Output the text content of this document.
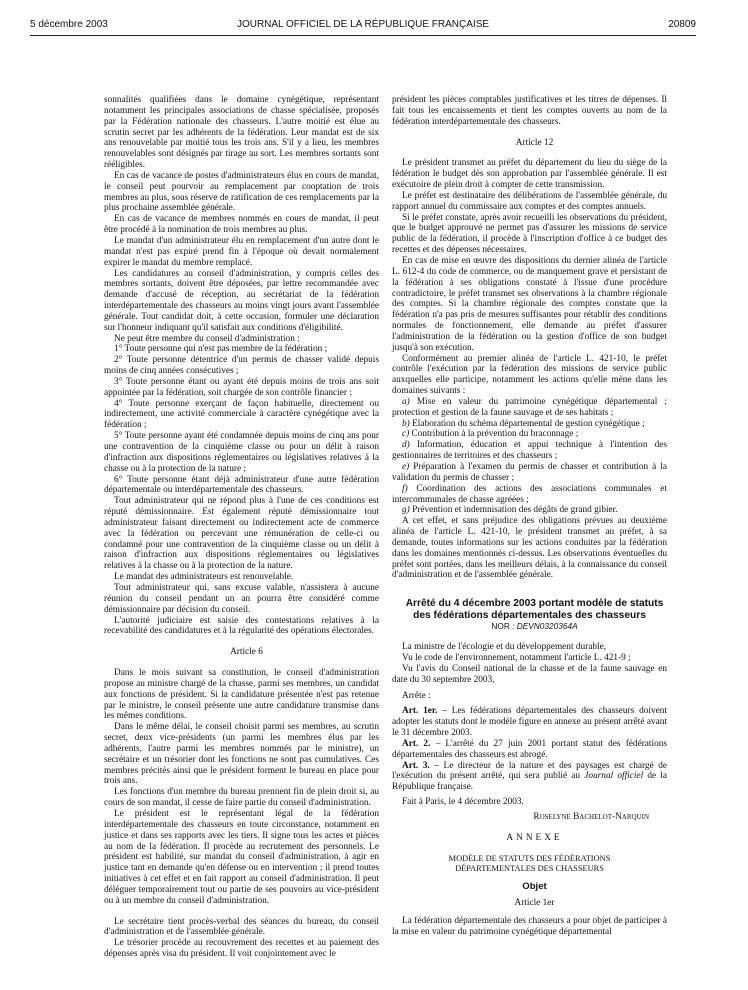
5 décembre 2003	JOURNAL OFFICIEL DE LA RÉPUBLIQUE FRANÇAISE	20809

sonnalités qualifiées dans le domaine cynégétique, représentant notamment les principales associations de chasse spécialisée, proposés par la Fédération nationale des chasseurs. L'autre moitié est élue au scrutin secret par les adhérents de la fédération. Leur mandat est de six ans renouvelable par moitié tous les trois ans. S'il y a lieu, les membres renouvelables sont désignés par tirage au sort. Les membres sortants sont rééligibles.

En cas de vacance de postes d'administrateurs élus en cours de mandat, le conseil peut pourvoir au remplacement par cooptation de trois membres au plus, sous réserve de ratification de ces remplacements par la plus prochaine assemblée générale.

En cas de vacance de membres nommés en cours de mandat, il peut être procédé à la nomination de trois membres au plus.

Le mandat d'un administrateur élu en remplacement d'un autre dont le mandat n'est pas expiré prend fin à l'époque où devait normalement expirer le mandat du membre remplacé.

Les candidatures au conseil d'administration, y compris celles des membres sortants, doivent être déposées, par lettre recommandée avec demande d'accusé de réception, au secrétariat de la fédération interdépartementale des chasseurs au moins vingt jours avant l'assemblée générale. Tout candidat doit, à cette occasion, formuler une déclaration sur l'honneur indiquant qu'il satisfait aux conditions d'éligibilité.

Ne peut être membre du conseil d'administration :

1° Toute personne qui n'est pas membre de la fédération ;

2° Toute personne détentrice d'un permis de chasser validé depuis moins de cinq années consécutives ;

3° Toute personne étant ou ayant été depuis moins de trois ans soit appointée par la fédération, soit chargée de son contrôle financier ;

4° Toute personne exerçant de façon habituelle, directement ou indirectement, une activité commerciale à caractère cynégétique avec la fédération ;

5° Toute personne ayant été condamnée depuis moins de cinq ans pour une contravention de la cinquième classe ou pour un délit à raison d'infraction aux dispositions réglementaires ou législatives relatives à la chasse ou à la protection de la nature ;

6° Toute personne étant déjà administrateur d'une autre fédération départementale ou interdépartementale des chasseurs.

Tout administrateur qui ne répond plus à l'une de ces conditions est réputé démissionnaire. Est également réputé démissionnaire tout administrateur faisant directement ou indirectement acte de commerce avec la fédération ou percevant une rémunération de celle-ci ou condamné pour une contravention de la cinquième classe ou un délit à raison d'infraction aux dispositions réglementaires ou législatives relatives à la chasse ou à la protection de la nature.

Le mandat des administrateurs est renouvelable.

Tout administrateur qui, sans excuse valable, n'assistera à aucune réunion du conseil pendant un an pourra être considéré comme démissionnaire par décision du conseil.

L'autorité judiciaire est saisie des contestations relatives à la recevabilité des candidatures et à la régularité des opérations électorales.

Article 6

Dans le mois suivant sa constitution, le conseil d'administration propose au ministre chargé de la chasse, parmi ses membres, un candidat aux fonctions de président. Si la candidature présentée n'est pas retenue par le ministre, le conseil présente une autre candidature transmise dans les mêmes conditions.

Dans le même délai, le conseil choisit parmi ses membres, au scrutin secret, deux vice-présidents (un parmi les membres élus par les adhérents, l'autre parmi les membres nommés par le ministre), un secrétaire et un trésorier dont les fonctions ne sont pas cumulatives. Ces membres précités ainsi que le président forment le bureau en place pour trois ans.

Les fonctions d'un membre du bureau prennent fin de plein droit si, au cours de son mandat, il cesse de faire partie du conseil d'administration.

Le président est le représentant légal de la fédération interdépartementale des chasseurs en toute circonstance, notamment en justice et dans ses rapports avec les tiers. Il signe tous les actes et pièces au nom de la fédération. Il procède au recrutement des personnels. Le président est habilité, sur mandat du conseil d'administration, à agir en justice tant en demande qu'en défense ou en intervention ; il prend toutes initiatives à cet effet et en fait rapport au conseil d'administration. Il peut déléguer temporairement tout ou partie de ses pouvoirs au vice-président ou à un membre du conseil d'administration.

Le secrétaire tient procès-verbal des séances du bureau, du conseil d'administration et de l'assemblée générale.

Le trésorier procède au recouvrement des recettes et au paiement des dépenses après visa du président. Il voit conjointement avec le

président les pièces comptables justificatives et les titres de dépenses. Il fait tous les encaissements et tient les comptes ouverts au nom de la fédération interdépartementale des chasseurs.

Article 12

Le président transmet au préfet du département du lieu du siège de la fédération le budget dès son approbation par l'assemblée générale. Il est exécutoire de plein droit à compter de cette transmission.

Le préfet est destinataire des délibérations de l'assemblée générale, du rapport annuel du commissaire aux comptes et des comptes annuels.

Si le préfet constate, après avoir recueilli les observations du président, que le budget approuvé ne permet pas d'assurer les missions de service public de la fédération, il procède à l'inscription d'office à ce budget des recettes et des dépenses nécessaires.

En cas de mise en œuvre des dispositions du dernier alinéa de l'article L. 612-4 du code de commerce, ou de manquement grave et persistant de la fédération à ses obligations constaté à l'issue d'une procédure contradictoire, le préfet transmet ses observations à la chambre régionale des comptes. Si la chambre régionale des comptes constate que la fédération n'a pas pris de mesures suffisantes pour rétablir des conditions normales de fonctionnement, elle demande au préfet d'assurer l'administration de la fédération ou la gestion d'office de son budget jusqu'à son exécution.

Conformément au premier alinéa de l'article L. 421-10, le préfet contrôle l'exécution par la fédération des missions de service public auxquelles elle participe, notamment les actions qu'elle mène dans les domaines suivants :

a) Mise en valeur du patrimoine cynégétique départemental ; protection et gestion de la faune sauvage et de ses habitats ;

b) Elaboration du schéma départemental de gestion cynégétique ;

c) Contribution à la prévention du braconnage ;

d) Information, éducation et appui technique à l'intention des gestionnaires de territoires et des chasseurs ;

e) Préparation à l'examen du permis de chasser et contribution à la validation du permis de chasser ;

f) Coordination des actions des associations communales et intercommunales de chasse agréées ;

g) Prévention et indemnisation des dégâts de grand gibier.

A cet effet, et sans préjudice des obligations prévues au deuxième alinéa de l'article L. 421-10, le président transmet au préfet, à sa demande, toutes informations sur les actions conduites par la fédération dans les domaines mentionnés ci-dessus. Les observations éventuelles du préfet sont portées, dans les meilleurs délais, à la connaissance du conseil d'administration et de l'assemblée générale.

Arrêté du 4 décembre 2003 portant modèle de statuts des fédérations départementales des chasseurs

NOR : DEVN0320364A

La ministre de l'écologie et du développement durable,

Vu le code de l'environnement, notamment l'article L. 421-9 ;

Vu l'avis du Conseil national de la chasse et de la faune sauvage en date du 30 septembre 2003,

Arrête :

Art. 1er. – Les fédérations départementales des chasseurs doivent adopter les statuts dont le modèle figure en annexe au présent arrêté avant le 31 décembre 2003.

Art. 2. – L'arrêté du 27 juin 2001 portant statut des fédérations départementales des chasseurs est abrogé.

Art. 3. – Le directeur de la nature et des paysages est chargé de l'exécution du présent arrêté, qui sera publié au Journal officiel de la République française.

Fait à Paris, le 4 décembre 2003.

Roselyne Bachelot-Narquin

ANNEXE

MODÈLE DE STATUTS DES FÉDÉRATIONS

DÉPARTEMENTALES DES CHASSEURS

Objet

Article 1er

La fédération départementale des chasseurs a pour objet de participer à la mise en valeur du patrimoine cynégétique départemental
